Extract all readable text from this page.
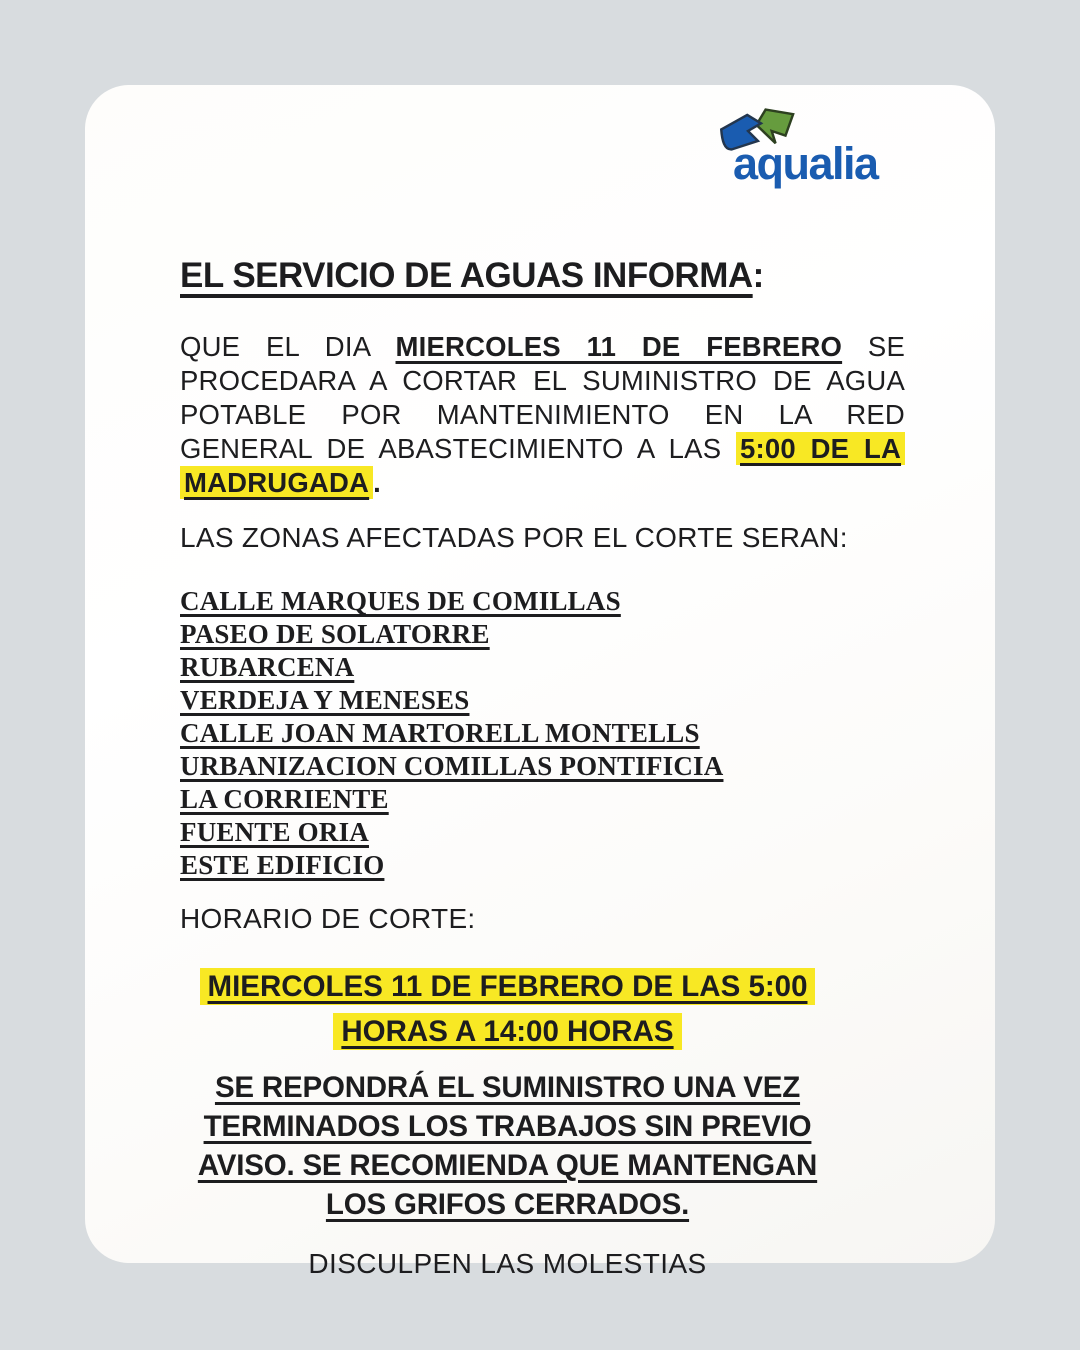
aqualia
EL SERVICIO DE AGUAS INFORMA:

QUE EL DIA MIERCOLES 11 DE FEBRERO SE PROCEDARA A CORTAR EL SUMINISTRO DE AGUA POTABLE POR MANTENIMIENTO EN LA RED GENERAL DE ABASTECIMIENTO A LAS 5:00 DE LA MADRUGADA .

LAS ZONAS AFECTADAS POR EL CORTE SERAN:

CALLE MARQUES DE COMILLAS
PASEO DE SOLATORRE
RUBARCENA
VERDEJA Y MENESES
CALLE JOAN MARTORELL MONTELLS
URBANIZACION COMILLAS PONTIFICIA
LA CORRIENTE
FUENTE ORIA
ESTE EDIFICIO

HORARIO DE CORTE:

MIERCOLES 11 DE FEBRERO DE LAS 5:00 HORAS A 14:00 HORAS
SE REPONDRÁ EL SUMINISTRO UNA VEZ TERMINADOS LOS TRABAJOS SIN PREVIO AVISO. SE RECOMIENDA QUE MANTENGAN LOS GRIFOS CERRADOS.

DISCULPEN LAS MOLESTIAS
